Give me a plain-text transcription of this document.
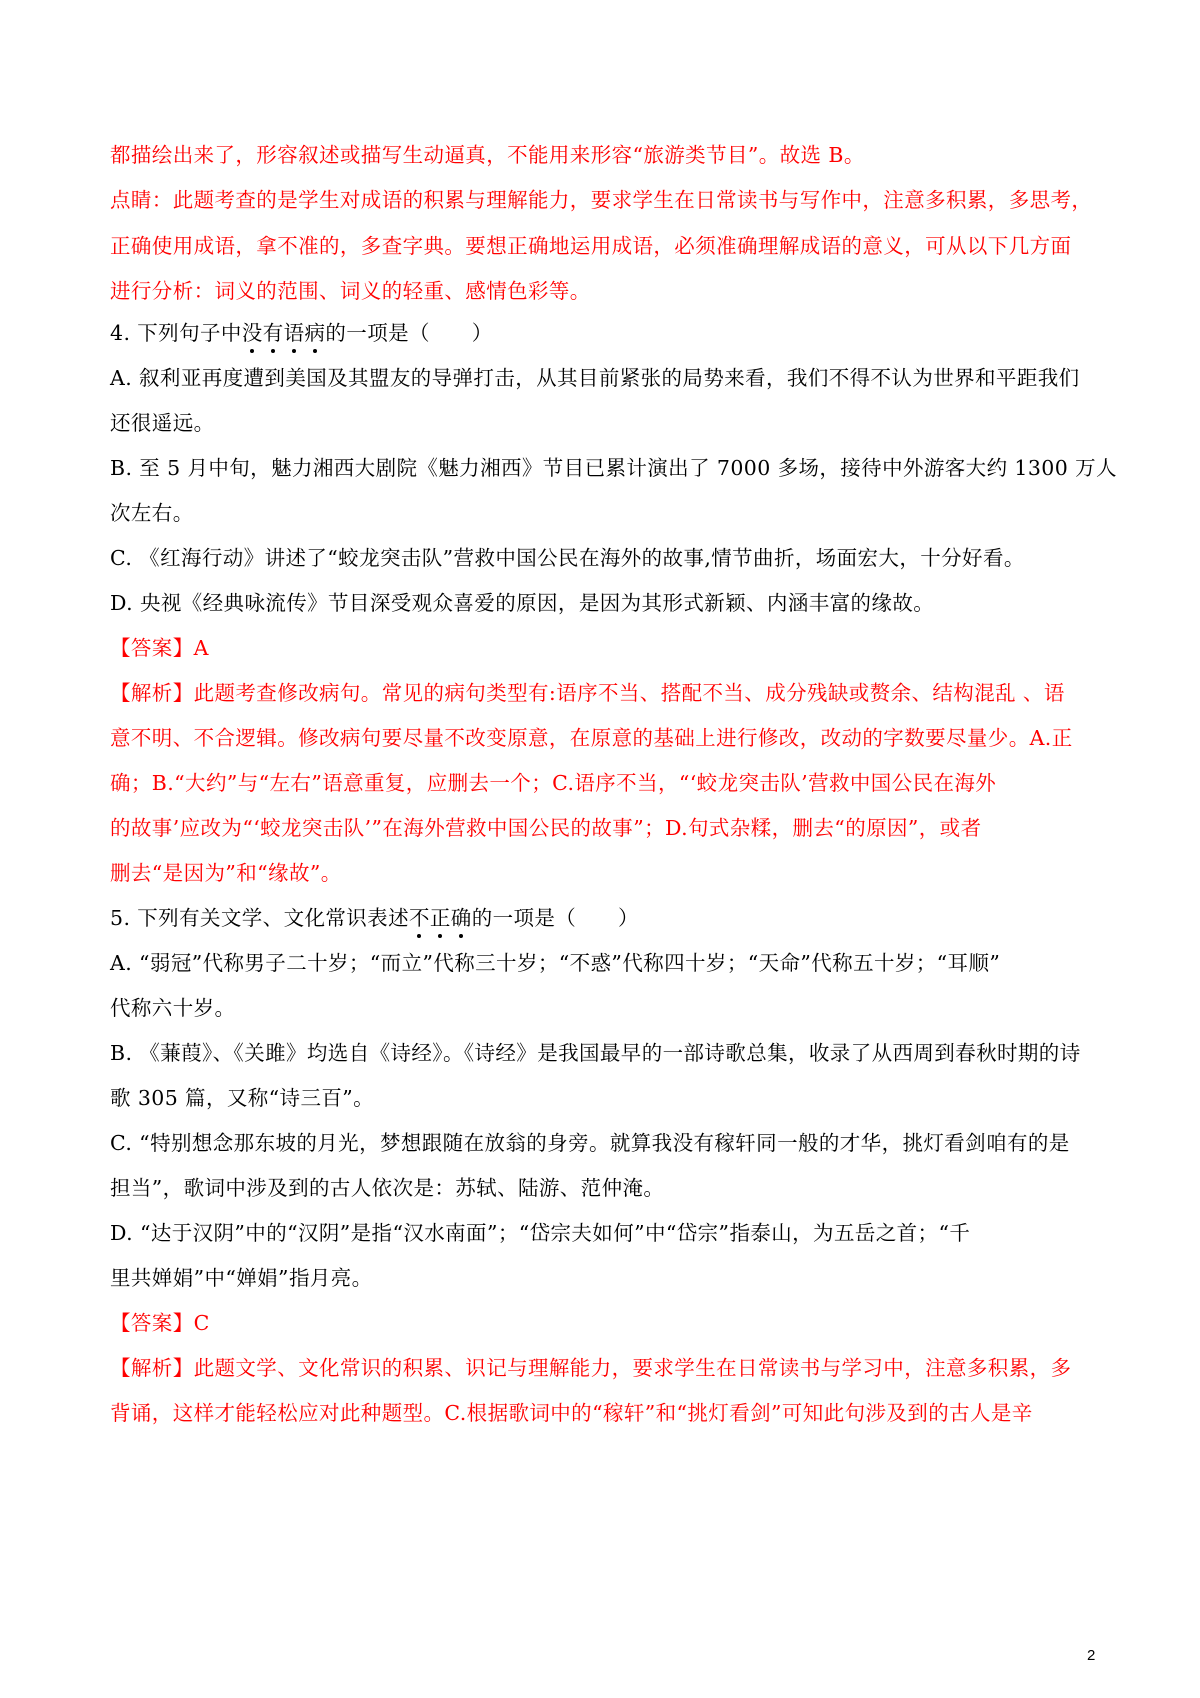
都描绘出来了，形容叙述或描写生动逼真，不能用来形容“旅游类节目”。故选 B。
点睛：此题考查的是学生对成语的积累与理解能力，要求学生在日常读书与写作中，注意多积累，多思考，
正确使用成语，拿不准的，多查字典。要想正确地运用成语，必须准确理解成语的意义，可从以下几方面
进行分析：词义的范围、词义的轻重、感情色彩等。
4. 下列句子中没有语病的一项是（　　）
A. 叙利亚再度遭到美国及其盟友的导弹打击，从其目前紧张的局势来看，我们不得不认为世界和平距我们
还很遥远。
B. 至 5 月中旬，魅力湘西大剧院《魅力湘西》节目已累计演出了 7000 多场，接待中外游客大约 1300 万人
次左右。
C. 《红海行动》讲述了“蛟龙突击队”营救中国公民在海外的故事,情节曲折，场面宏大，十分好看。
D. 央视《经典咏流传》节目深受观众喜爱的原因，是因为其形式新颖、内涵丰富的缘故。
【答案】A
【解析】此题考查修改病句。常见的病句类型有:语序不当、搭配不当、成分残缺或赘余、结构混乱 、语
意不明、不合逻辑。修改病句要尽量不改变原意，在原意的基础上进行修改，改动的字数要尽量少。A.正
确；B.“大约”与“左右”语意重复，应删去一个；C.语序不当，“‘蛟龙突击队’营救中国公民在海外
的故事’应改为“‘蛟龙突击队’”在海外营救中国公民的故事”；D.句式杂糅，删去“的原因”，或者
删去“是因为”和“缘故”。
5. 下列有关文学、文化常识表述不正确的一项是（　　）
A. “弱冠”代称男子二十岁；“而立”代称三十岁；“不惑”代称四十岁；“天命”代称五十岁；“耳顺”
代称六十岁。
B. 《蒹葭》、《关雎》均选自《诗经》。《诗经》是我国最早的一部诗歌总集，收录了从西周到春秋时期的诗
歌 305 篇，又称“诗三百”。
C. “特别想念那东坡的月光，梦想跟随在放翁的身旁。就算我没有稼轩同一般的才华，挑灯看剑咱有的是
担当”，歌词中涉及到的古人依次是：苏轼、陆游、范仲淹。
D. “达于汉阴”中的“汉阴”是指“汉水南面”；“岱宗夫如何”中“岱宗”指泰山，为五岳之首；“千
里共婵娟”中“婵娟”指月亮。
【答案】C
【解析】此题文学、文化常识的积累、识记与理解能力，要求学生在日常读书与学习中，注意多积累，多
背诵，这样才能轻松应对此种题型。C.根据歌词中的“稼轩”和“挑灯看剑”可知此句涉及到的古人是辛
2
